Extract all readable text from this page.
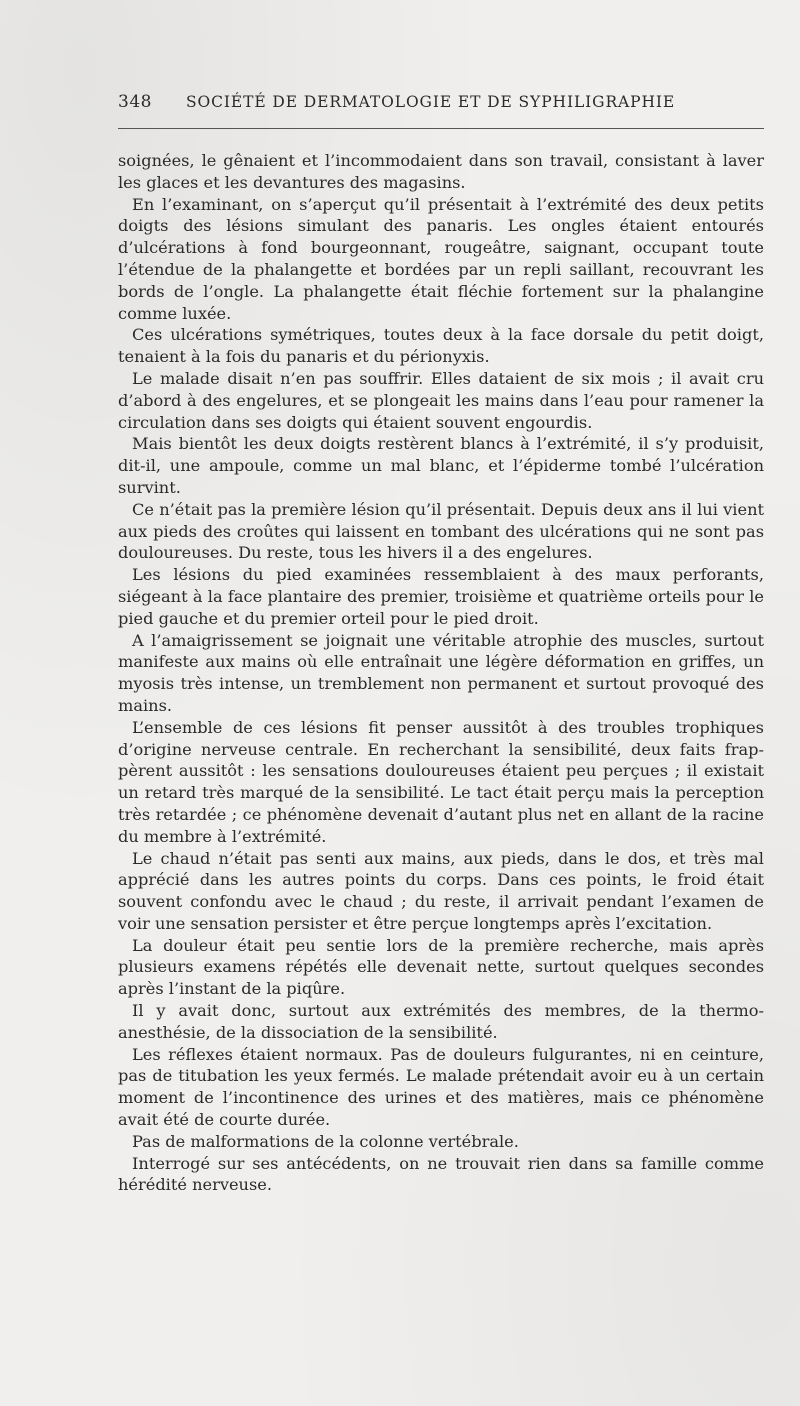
348 SOCIÉTÉ DE DERMATOLOGIE ET DE SYPHILIGRAPHIE

soignées, le gênaient et l’incommodaient dans son travail, consistant à laver les glaces et les devantures des magasins.

En l’examinant, on s’aperçut qu’il présentait à l’extrémité des deux petits doigts des lésions simulant des panaris. Les ongles étaient entourés d’ulcérations à fond bourgeonnant, rougeâtre, saignant, occupant toute l’étendue de la phalangette et bordées par un repli saillant, recouvrant les bords de l’ongle. La phalangette était fléchie fortement sur la phalangine comme luxée.

Ces ulcérations symétriques, toutes deux à la face dorsale du petit doigt, tenaient à la fois du panaris et du périonyxis.

Le malade disait n’en pas souffrir. Elles dataient de six mois ; il avait cru d’abord à des engelures, et se plongeait les mains dans l’eau pour ramener la circulation dans ses doigts qui étaient souvent engourdis.

Mais bientôt les deux doigts restèrent blancs à l’extrémité, il s’y produisit, dit-il, une ampoule, comme un mal blanc, et l’épiderme tombé l’ulcération survint.

Ce n’était pas la première lésion qu’il présentait. Depuis deux ans il lui vient aux pieds des croûtes qui laissent en tombant des ulcérations qui ne sont pas douloureuses. Du reste, tous les hivers il a des engelures.

Les lésions du pied examinées ressemblaient à des maux perforants, siégeant à la face plantaire des premier, troisième et quatrième orteils pour le pied gauche et du premier orteil pour le pied droit.

A l’amaigrissement se joignait une véritable atrophie des muscles, surtout manifeste aux mains où elle entraînait une légère déformation en griffes, un myosis très intense, un tremblement non permanent et surtout provoqué des mains.

L’ensemble de ces lésions fit penser aussitôt à des troubles trophiques d’origine nerveuse centrale. En recherchant la sensibilité, deux faits frappèrent aussitôt : les sensations douloureuses étaient peu perçues ; il existait un retard très marqué de la sensibilité. Le tact était perçu mais la perception très retardée ; ce phénomène devenait d’autant plus net en allant de la racine du membre à l’extrémité.

Le chaud n’était pas senti aux mains, aux pieds, dans le dos, et très mal apprécié dans les autres points du corps. Dans ces points, le froid était souvent confondu avec le chaud ; du reste, il arrivait pendant l’examen de voir une sensation persister et être perçue longtemps après l’excitation.

La douleur était peu sentie lors de la première recherche, mais après plusieurs examens répétés elle devenait nette, surtout quelques secondes après l’instant de la piqûre.

Il y avait donc, surtout aux extrémités des membres, de la thermo-anesthésie, de la dissociation de la sensibilité.

Les réflexes étaient normaux. Pas de douleurs fulgurantes, ni en ceinture, pas de titubation les yeux fermés. Le malade prétendait avoir eu à un certain moment de l’incontinence des urines et des matières, mais ce phénomène avait été de courte durée.

Pas de malformations de la colonne vertébrale.

Interrogé sur ses antécédents, on ne trouvait rien dans sa famille comme hérédité nerveuse.
